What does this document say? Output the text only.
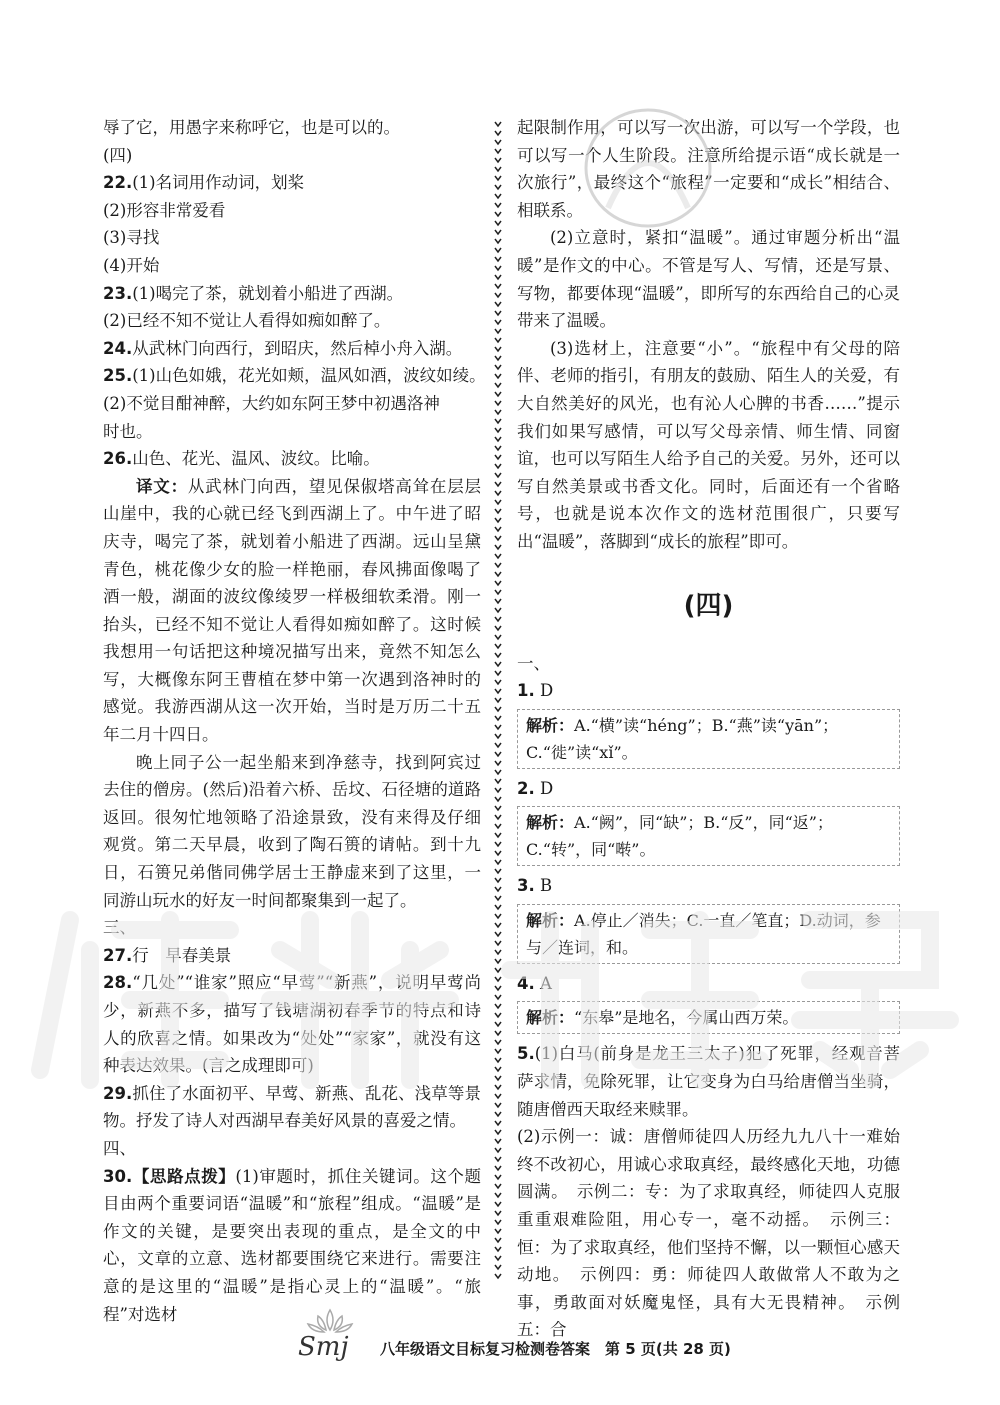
辱了它，用愚字来称呼它，也是可以的。
(四)
22.(1)名词用作动词，划桨
(2)形容非常爱看
(3)寻找
(4)开始
23.(1)喝完了茶，就划着小船进了西湖。
(2)已经不知不觉让人看得如痴如醉了。
24.从武林门向西行，到昭庆，然后棹小舟入湖。
25.(1)山色如娥，花光如颊，温风如酒，波纹如绫。
(2)不觉目酣神醉，大约如东阿王梦中初遇洛神
时也。
26.山色、花光、温风、波纹。比喻。
译文：从武林门向西，望见保俶塔高耸在层层山崖中，我的心就已经飞到西湖上了。中午进了昭庆寺，喝完了茶，就划着小船进了西湖。远山呈黛青色，桃花像少女的脸一样艳丽，春风拂面像喝了酒一般，湖面的波纹像绫罗一样极细软柔滑。刚一抬头，已经不知不觉让人看得如痴如醉了。这时候我想用一句话把这种境况描写出来，竟然不知怎么写，大概像东阿王曹植在梦中第一次遇到洛神时的感觉。我游西湖从这一次开始，当时是万历二十五年二月十四日。
晚上同子公一起坐船来到净慈寺，找到阿宾过去住的僧房。(然后)沿着六桥、岳坟、石径塘的道路返回。很匆忙地领略了沿途景致，没有来得及仔细观赏。第二天早晨，收到了陶石篑的请帖。到十九日，石篑兄弟偕同佛学居士王静虚来到了这里，一同游山玩水的好友一时间都聚集到一起了。
三、
27.行　早春美景
28.“几处”“谁家”照应“早莺”“新燕”，说明早莺尚少，新燕不多，描写了钱塘湖初春季节的特点和诗人的欣喜之情。如果改为“处处”“家家”，就没有这种表达效果。(言之成理即可)
29.抓住了水面初平、早莺、新燕、乱花、浅草等景物。抒发了诗人对西湖早春美好风景的喜爱之情。
四、
30.【思路点拨】(1)审题时，抓住关键词。这个题目由两个重要词语“温暖”和“旅程”组成。“温暖”是作文的关键，是要突出表现的重点，是全文的中心，文章的立意、选材都要围绕它来进行。需要注意的是这里的“温暖”是指心灵上的“温暖”。“旅程”对选材
起限制作用，可以写一次出游，可以写一个学段，也可以写一个人生阶段。注意所给提示语“成长就是一次旅行”，最终这个“旅程”一定要和“成长”相结合、相联系。
(2)立意时，紧扣“温暖”。通过审题分析出“温暖”是作文的中心。不管是写人、写情，还是写景、写物，都要体现“温暖”，即所写的东西给自己的心灵带来了温暖。
(3)选材上，注意要“小”。“旅程中有父母的陪伴、老师的指引，有朋友的鼓励、陌生人的关爱，有大自然美好的风光，也有沁人心脾的书香……”提示我们如果写感情，可以写父母亲情、师生情、同窗谊，也可以写陌生人给予自己的关爱。另外，还可以写自然美景或书香文化。同时，后面还有一个省略号，也就是说本次作文的选材范围很广，只要写出“温暖”，落脚到“成长的旅程”即可。
(四)
一、
1. D
解析：A.“横”读“héng”；B.“燕”读“yān”；C.“徙”读“xǐ”。
2. D
解析：A.“阙”，同“缺”；B.“反”，同“返”；C.“转”，同“啭”。
3. B
解析：A.停止／消失；C.一直／笔直；D.动词，参与／连词，和。
4. A
解析：“东皋”是地名，今属山西万荣。
5.(1)白马(前身是龙王三太子)犯了死罪，经观音菩萨求情，免除死罪，让它变身为白马给唐僧当坐骑，随唐僧西天取经来赎罪。
(2)示例一：诚：唐僧师徒四人历经九九八十一难始终不改初心，用诚心求取真经，最终感化天地，功德圆满。　示例二：专：为了求取真经，师徒四人克服重重艰难险阻，用心专一，毫不动摇。　示例三：恒：为了求取真经，他们坚持不懈，以一颗恒心感天动地。　示例四：勇：师徒四人敢做常人不敢为之事，勇敢面对妖魔鬼怪，具有大无畏精神。　示例五：合
八年级语文目标复习检测卷答案　第 5 页(共 28 页)
Smj
